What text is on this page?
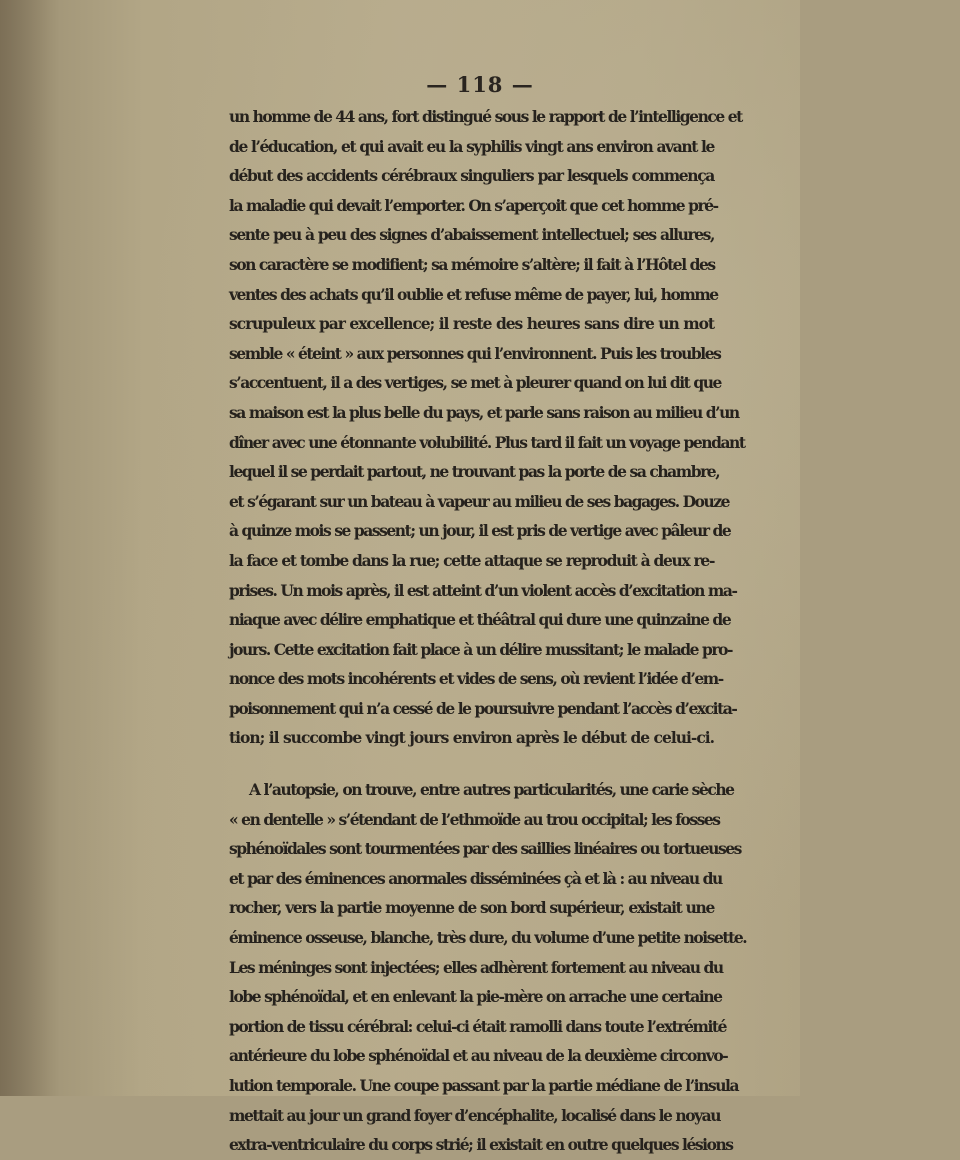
— 118 —
un homme de 44 ans, fort distingué sous le rapport de l’intelligence et
de l’éducation, et qui avait eu la syphilis vingt ans environ avant le
début des accidents cérébraux singuliers par lesquels commença
la maladie qui devait l’emporter. On s’aperçoit que cet homme pré-
sente peu à peu des signes d’abaissement intellectuel; ses allures,
son caractère se modifient; sa mémoire s’altère; il fait à l’Hôtel des
ventes des achats qu’il oublie et refuse même de payer, lui, homme
scrupuleux par excellence; il reste des heures sans dire un mot
semble « éteint » aux personnes qui l’environnent. Puis les troubles
s’accentuent, il a des vertiges, se met à pleurer quand on lui dit que
sa maison est la plus belle du pays, et parle sans raison au milieu d’un
dîner avec une étonnante volubilité. Plus tard il fait un voyage pendant
lequel il se perdait partout, ne trouvant pas la porte de sa chambre,
et s’égarant sur un bateau à vapeur au milieu de ses bagages. Douze
à quinze mois se passent; un jour, il est pris de vertige avec pâleur de
la face et tombe dans la rue; cette attaque se reproduit à deux re-
prises. Un mois après, il est atteint d’un violent accès d’excitation ma-
niaque avec délire emphatique et théâtral qui dure une quinzaine de
jours. Cette excitation fait place à un délire mussitant; le malade pro-
nonce des mots incohérents et vides de sens, où revient l’idée d’em-
poisonnement qui n’a cessé de le poursuivre pendant l’accès d’excita-
tion; il succombe vingt jours environ après le début de celui-ci.
A l’autopsie, on trouve, entre autres particularités, une carie sèche
« en dentelle » s’étendant de l’ethmoïde au trou occipital; les fosses
sphénoïdales sont tourmentées par des saillies linéaires ou tortueuses
et par des éminences anormales disséminées çà et là : au niveau du
rocher, vers la partie moyenne de son bord supérieur, existait une
éminence osseuse, blanche, très dure, du volume d’une petite noisette.
Les méninges sont injectées; elles adhèrent fortement au niveau du
lobe sphénoïdal, et en enlevant la pie-mère on arrache une certaine
portion de tissu cérébral: celui-ci était ramolli dans toute l’extrémité
antérieure du lobe sphénoïdal et au niveau de la deuxième circonvo-
lution temporale. Une coupe passant par la partie médiane de l’insula
mettait au jour un grand foyer d’encéphalite, localisé dans le noyau
extra-ventriculaire du corps strié; il existait en outre quelques lésions
